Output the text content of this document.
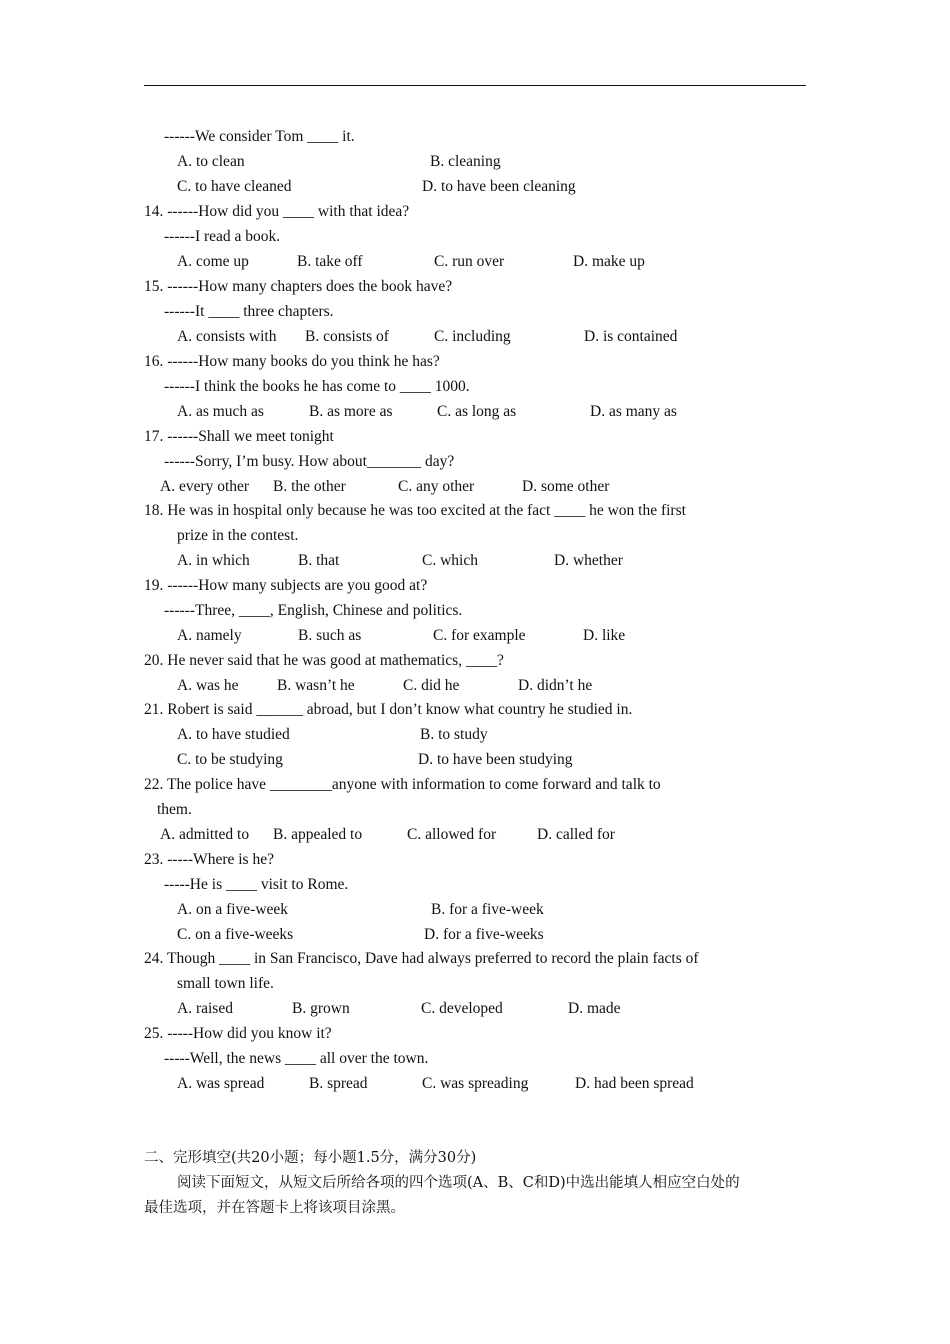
------We consider Tom ____ it.
A. to clean	B. cleaning
C. to have cleaned	D. to have been cleaning
14. ------How did you ____ with that idea?
------I read a book.
A. come up	B. take off	C. run over	D. make up
15. ------How many chapters does the book have?
------It ____ three chapters.
A. consists with B. consists of	C. including	D. is contained
16. ------How many books do you think he has?
------I think the books he has come to ____ 1000.
A. as much as	B. as more as	C. as long as	D. as many as
17. ------Shall we meet tonight
------Sorry, I’m busy. How about_______ day?
A. every other B. the other	C. any other	D. some other
18. He was in hospital only because he was too excited at the fact ____ he won the first
prize in the contest.
A. in which	B. that	C. which	D. whether
19. ------How many subjects are you good at?
------Three, ____, English, Chinese and politics.
A. namely	B. such as	C. for example	D. like
20. He never said that he was good at mathematics, ____?
A. was he B. wasn’t he	C. did he	D. didn’t he
21. Robert is said ______ abroad, but I don’t know what country he studied in.
A. to have studied	B. to study
C. to be studying	D. to have been studying
22. The police have ________anyone with information to come forward and talk to
them.
A. admitted to B. appealed to	C. allowed for	D. called for
23. -----Where is he?
-----He is ____ visit to Rome.
A. on a five-week	B. for a five-week
C. on a five-weeks	D. for a five-weeks
24. Though ____ in San Francisco, Dave had always preferred to record the plain facts of
small town life.
A. raised	B. grown	C. developed	D. made
25. -----How did you know it?
-----Well, the news ____ all over the town.
A. was spread	B. spread	C. was spreading	D. had been spread
二、完形填空(共20小题；每小题1.5分，满分30分)
阅读下面短文，从短文后所给各项的四个选项(A、B、C和D)中选出能填人相应空白处的
最佳选项，并在答题卡上将该项目涂黑。
